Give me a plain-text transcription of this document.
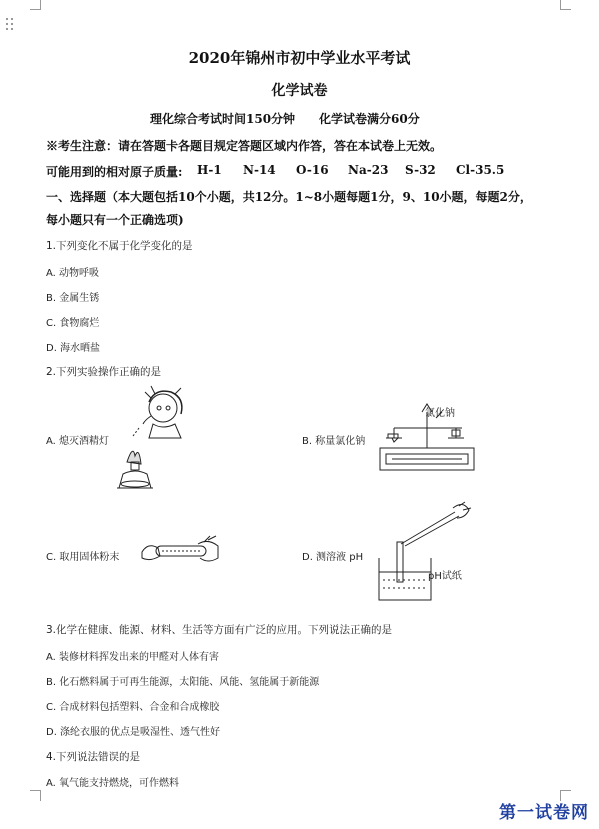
2020年锦州市初中学业水平考试
化学试卷
理化综合考试时间150分钟　　化学试卷满分60分
※考生注意：请在答题卡各题目规定答题区域内作答，答在本试卷上无效。
可能用到的相对原子质量: H-1 N-14 O-16 Na-23 S-32 Cl-35.5
一、选择题（本大题包括10个小题，共12分。1~8小题每题1分，9、10小题，每题2分，
每小题只有一个正确选项)
1.下列变化不属于化学变化的是
A. 动物呼吸
B. 金属生锈
C. 食物腐烂
D. 海水晒盐
2.下列实验操作正确的是
A. 熄灭酒精灯	B. 称量氯化钠
氯化钠
C. 取用固体粉末	D. 测溶液 pH
pH试纸
3.化学在健康、能源、材料、生活等方面有广泛的应用。下列说法正确的是
A. 装修材料挥发出来的甲醛对人体有害
B. 化石燃料属于可再生能源，太阳能、风能、氢能属于新能源
C. 合成材料包括塑料、合金和合成橡胶
D. 涤纶衣服的优点是吸湿性、透气性好
4.下列说法错误的是
A. 氧气能支持燃烧，可作燃料
第一试卷网
